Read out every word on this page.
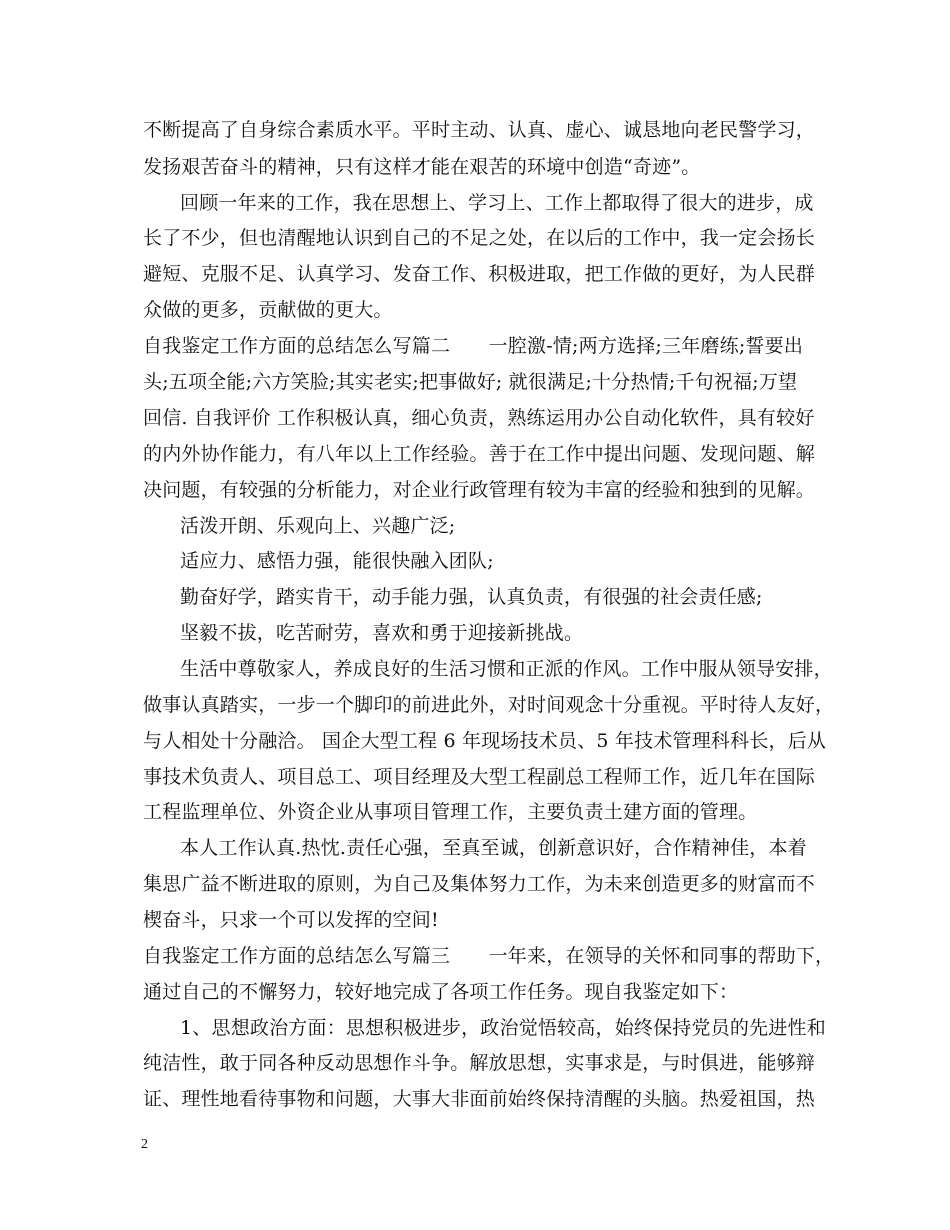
不断提高了自身综合素质水平。平时主动、认真、虚心、诚恳地向老民警学习，
发扬艰苦奋斗的精神，只有这样才能在艰苦的环境中创造“奇迹”。
回顾一年来的工作，我在思想上、学习上、工作上都取得了很大的进步，成
长了不少，但也清醒地认识到自己的不足之处，在以后的工作中，我一定会扬长
避短、克服不足、认真学习、发奋工作、积极进取，把工作做的更好，为人民群
众做的更多，贡献做的更大。
自我鉴定工作方面的总结怎么写篇二　　一腔激-情;两方选择;三年磨练;誓要出
头;五项全能;六方笑脸;其实老实;把事做好; 就很满足;十分热情;千句祝福;万望
回信. 自我评价 工作积极认真，细心负责，熟练运用办公自动化软件，具有较好
的内外协作能力，有八年以上工作经验。善于在工作中提出问题、发现问题、解
决问题，有较强的分析能力，对企业行政管理有较为丰富的经验和独到的见解。
活泼开朗、乐观向上、兴趣广泛;
适应力、感悟力强，能很快融入团队;
勤奋好学，踏实肯干，动手能力强，认真负责，有很强的社会责任感;
坚毅不拔，吃苦耐劳，喜欢和勇于迎接新挑战。
生活中尊敬家人，养成良好的生活习惯和正派的作风。工作中服从领导安排，
做事认真踏实，一步一个脚印的前进此外，对时间观念十分重视。平时待人友好，
与人相处十分融洽。 国企大型工程 6 年现场技术员、5 年技术管理科科长，后从
事技术负责人、项目总工、项目经理及大型工程副总工程师工作，近几年在国际
工程监理单位、外资企业从事项目管理工作，主要负责土建方面的管理。
本人工作认真.热忱.责任心强，至真至诚，创新意识好，合作精神佳，本着
集思广益不断进取的原则，为自己及集体努力工作，为未来创造更多的财富而不
楔奋斗，只求一个可以发挥的空间!
自我鉴定工作方面的总结怎么写篇三　　一年来，在领导的关怀和同事的帮助下，
通过自己的不懈努力，较好地完成了各项工作任务。现自我鉴定如下：
1、思想政治方面：思想积极进步，政治觉悟较高，始终保持党员的先进性和
纯洁性，敢于同各种反动思想作斗争。解放思想，实事求是，与时俱进，能够辩
证、理性地看待事物和问题，大事大非面前始终保持清醒的头脑。热爱祖国，热
2
